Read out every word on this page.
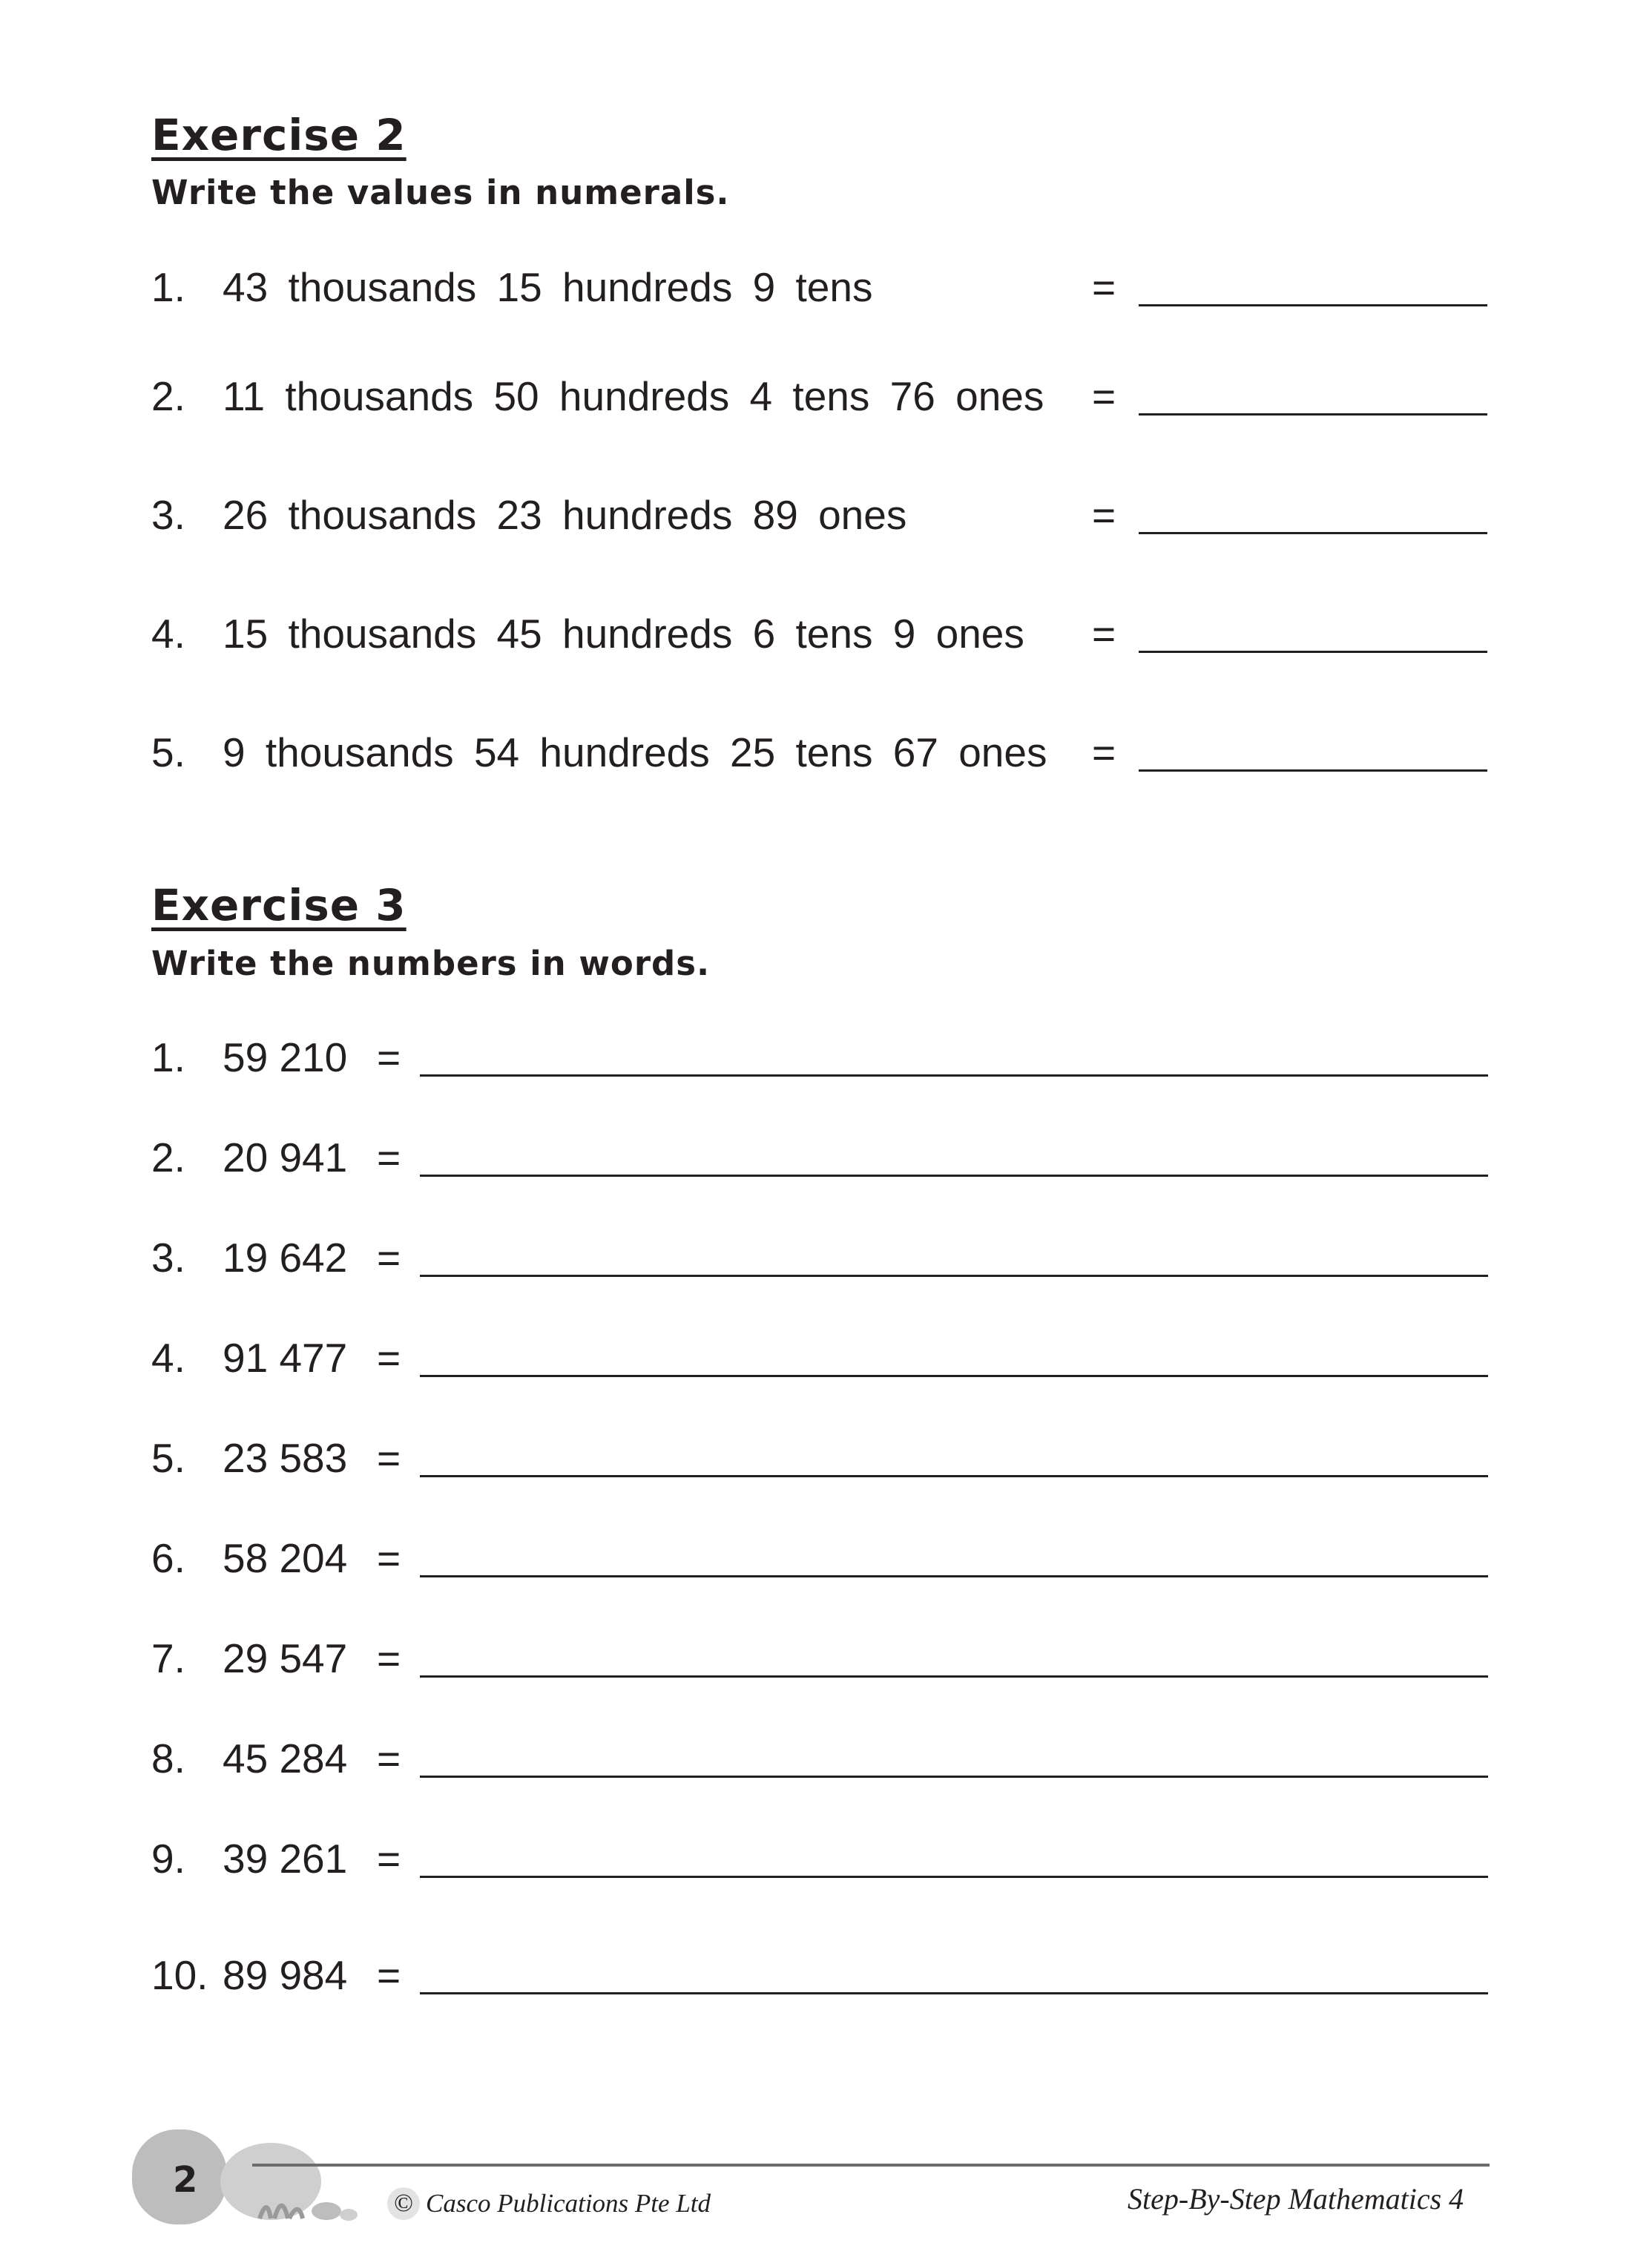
Exercise 2
Write the values in numerals.
1. 43 thousands 15 hundreds 9 tens	=
2. 11 thousands 50 hundreds 4 tens 76 ones =
3. 26 thousands 23 hundreds 89 ones	=
4. 15 thousands 45 hundreds 6 tens 9 ones =
5. 9 thousands 54 hundreds 25 tens 67 ones =
Exercise 3
Write the numbers in words.
1. 59 210 =
2. 20 941 =
3. 19 642 =
4. 91 477 =
5. 23 583 =
6. 58 204 =
7. 29 547 =
8. 45 284 =
9. 39 261 =
10. 89 984 =
2
© Casco Publications Pte Ltd	Step-By-Step Mathematics 4
